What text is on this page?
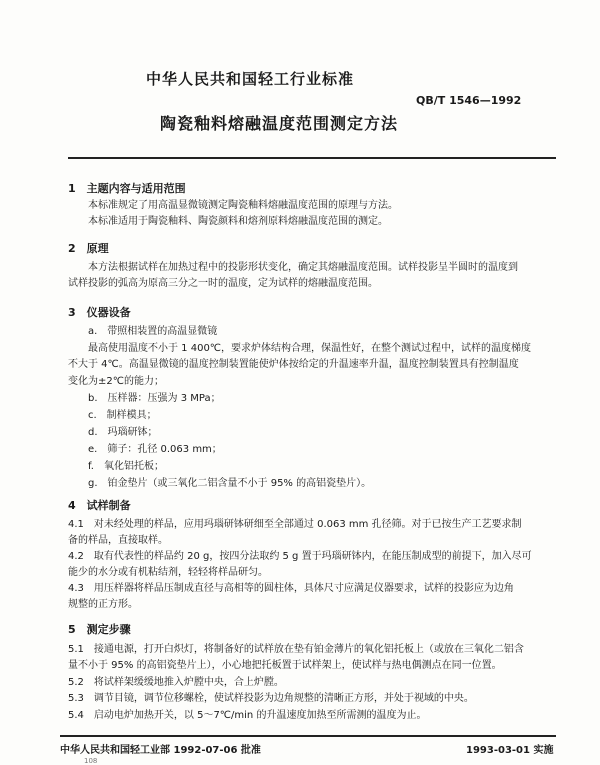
中华人民共和国轻工行业标准
QB/T 1546—1992
陶瓷釉料熔融温度范围测定方法
1　主题内容与适用范围
本标准规定了用高温显微镜测定陶瓷釉料熔融温度范围的原理与方法。
本标准适用于陶瓷釉料、陶瓷颜料和熔剂原料熔融温度范围的测定。
2　原理
本方法根据试样在加热过程中的投影形状变化，确定其熔融温度范围。试样投影呈半圆时的温度到
试样投影的弧高为原高三分之一时的温度，定为试样的熔融温度范围。
3　仪器设备
a.　带照相装置的高温显微镜
最高使用温度不小于 1 400℃，要求炉体结构合理，保温性好，在整个测试过程中，试样的温度梯度
不大于 4℃。高温显微镜的温度控制装置能使炉体按给定的升温速率升温，温度控制装置具有控制温度
变化为±2℃的能力；
b.　压样器：压强为 3 MPa；
c.　制样模具；
d.　玛瑙研钵；
e.　筛子：孔径 0.063 mm；
f.　氧化铝托板；
g.　铂金垫片（或三氧化二铝含量不小于 95% 的高铝瓷垫片）。
4　试样制备
4.1　对未经处理的样品，应用玛瑙研钵研细至全部通过 0.063 mm 孔径筛。对于已按生产工艺要求制
备的样品，直接取样。
4.2　取有代表性的样品约 20 g，按四分法取约 5 g 置于玛瑙研钵内，在能压制成型的前提下，加入尽可
能少的水分或有机粘结剂，轻轻将样品研匀。
4.3　用压样器将样品压制成直径与高相等的圆柱体，具体尺寸应满足仪器要求，试样的投影应为边角
规整的正方形。
5　测定步骤
5.1　接通电源，打开白炽灯，将制备好的试样放在垫有铂金薄片的氧化铝托板上（或放在三氧化二铝含
量不小于 95% 的高铝瓷垫片上），小心地把托板置于试样架上，使试样与热电偶测点在同一位置。
5.2　将试样架缓缓地推入炉膛中央，合上炉膛。
5.3　调节目镜，调节位移螺栓，使试样投影为边角规整的清晰正方形，并处于视域的中央。
5.4　启动电炉加热开关，以 5～7℃/min 的升温速度加热至所需测的温度为止。
中华人民共和国轻工业部 1992-07-06 批准	1993-03-01 实施
108
